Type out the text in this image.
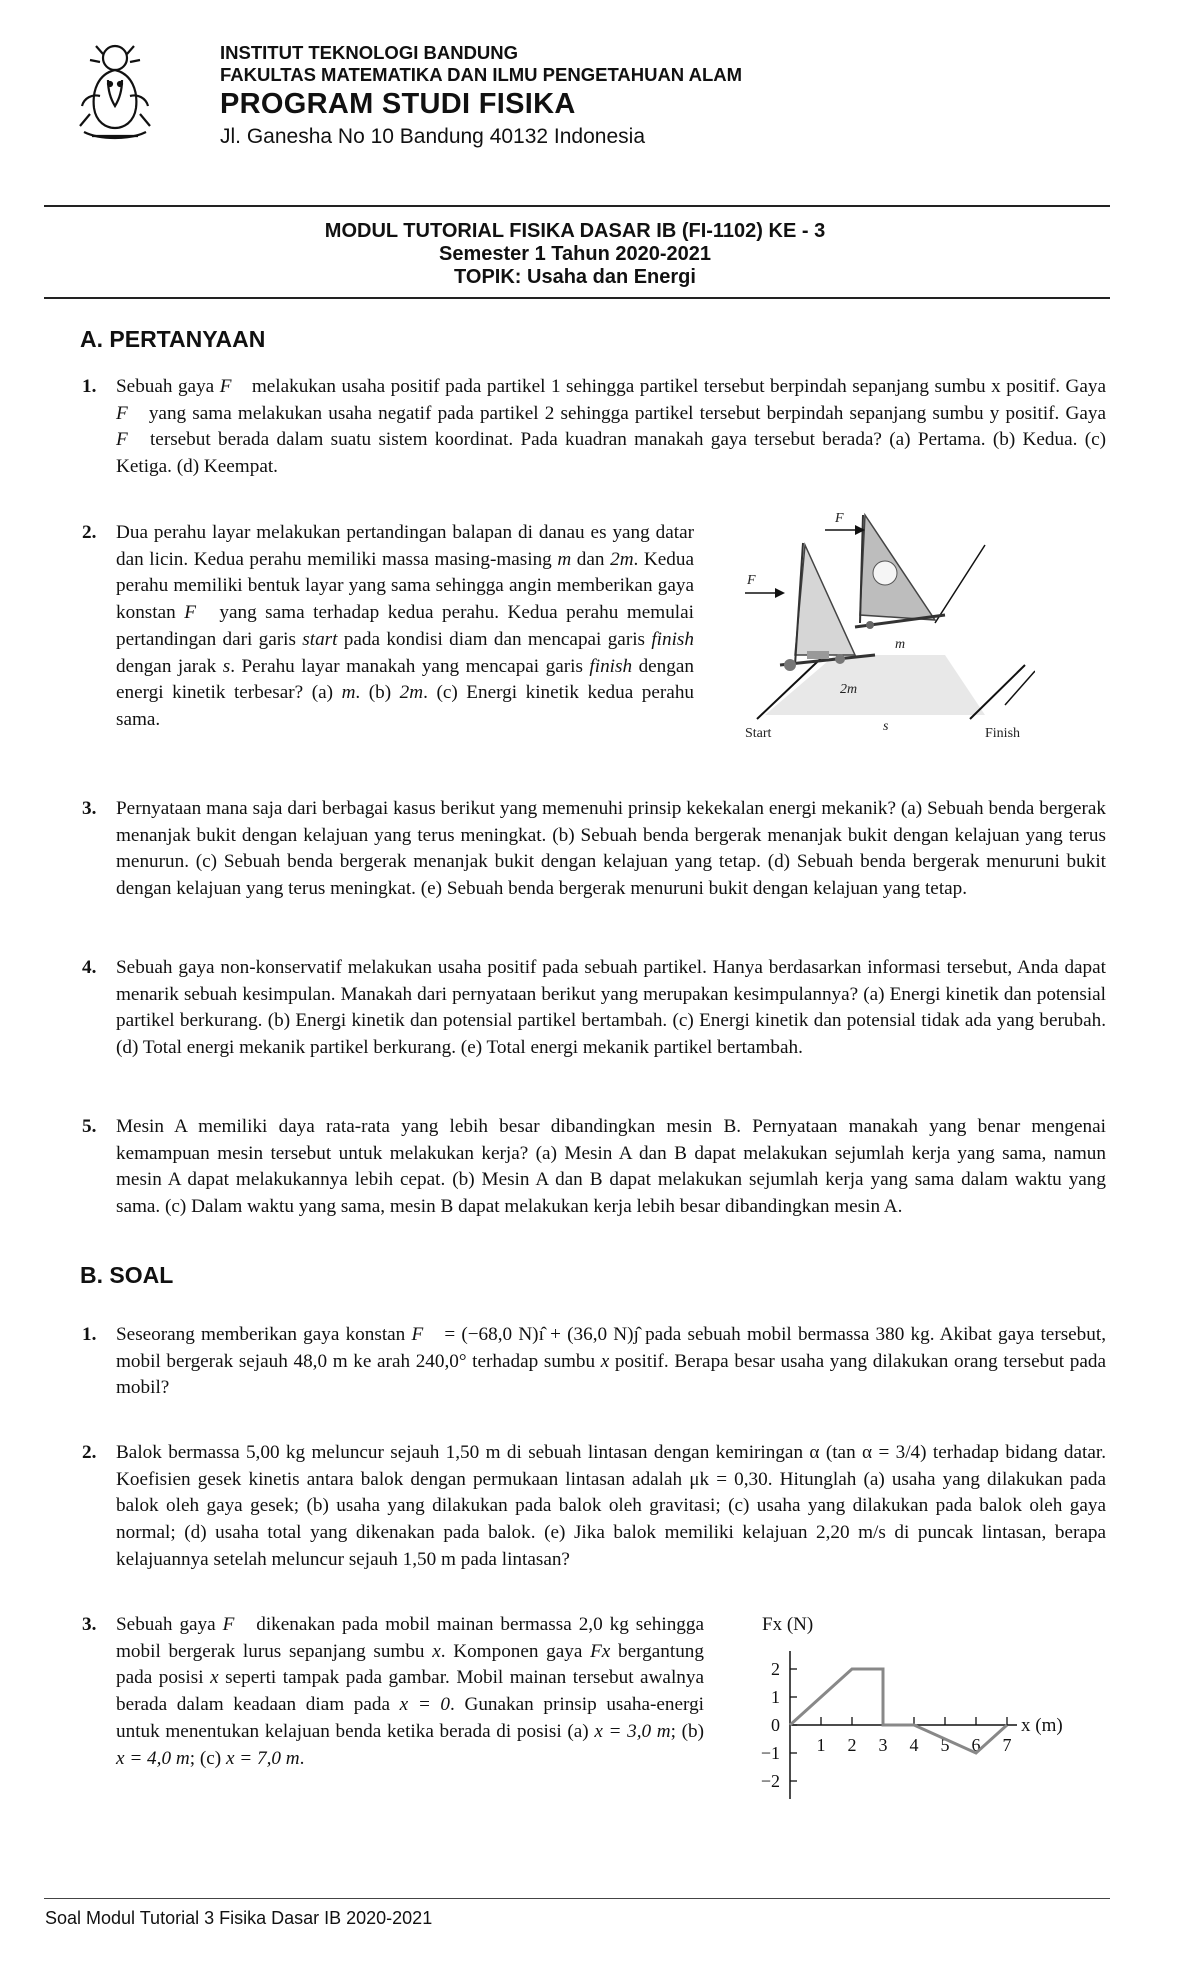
INSTITUT TEKNOLOGI BANDUNG
FAKULTAS MATEMATIKA DAN ILMU PENGETAHUAN ALAM
PROGRAM STUDI FISIKA
Jl. Ganesha No 10 Bandung 40132 Indonesia
MODUL TUTORIAL FISIKA DASAR IB (FI-1102) KE - 3
Semester 1 Tahun 2020-2021
TOPIK: Usaha dan Energi
A. PERTANYAAN
1. Sebuah gaya F⃗ melakukan usaha positif pada partikel 1 sehingga partikel tersebut berpindah sepanjang sumbu x positif. Gaya F⃗ yang sama melakukan usaha negatif pada partikel 2 sehingga partikel tersebut berpindah sepanjang sumbu y positif. Gaya F⃗ tersebut berada dalam suatu sistem koordinat. Pada kuadran manakah gaya tersebut berada? (a) Pertama. (b) Kedua. (c) Ketiga. (d) Keempat.
2. Dua perahu layar melakukan pertandingan balapan di danau es yang datar dan licin. Kedua perahu memiliki massa masing-masing m dan 2m. Kedua perahu memiliki bentuk layar yang sama sehingga angin memberikan gaya konstan F⃗ yang sama terhadap kedua perahu. Kedua perahu memulai pertandingan dari garis start pada kondisi diam dan mencapai garis finish dengan jarak s. Perahu layar manakah yang mencapai garis finish dengan energi kinetik terbesar? (a) m. (b) 2m. (c) Energi kinetik kedua perahu sama.
F
F
m
2m
Start	s	Finish
3. Pernyataan mana saja dari berbagai kasus berikut yang memenuhi prinsip kekekalan energi mekanik? (a) Sebuah benda bergerak menanjak bukit dengan kelajuan yang terus meningkat. (b) Sebuah benda bergerak menanjak bukit dengan kelajuan yang terus menurun. (c) Sebuah benda bergerak menanjak bukit dengan kelajuan yang tetap. (d) Sebuah benda bergerak menuruni bukit dengan kelajuan yang terus meningkat. (e) Sebuah benda bergerak menuruni bukit dengan kelajuan yang tetap.
4. Sebuah gaya non-konservatif melakukan usaha positif pada sebuah partikel. Hanya berdasarkan informasi tersebut, Anda dapat menarik sebuah kesimpulan. Manakah dari pernyataan berikut yang merupakan kesimpulannya? (a) Energi kinetik dan potensial partikel berkurang. (b) Energi kinetik dan potensial partikel bertambah. (c) Energi kinetik dan potensial tidak ada yang berubah. (d) Total energi mekanik partikel berkurang. (e) Total energi mekanik partikel bertambah.
5. Mesin A memiliki daya rata-rata yang lebih besar dibandingkan mesin B. Pernyataan manakah yang benar mengenai kemampuan mesin tersebut untuk melakukan kerja? (a) Mesin A dan B dapat melakukan sejumlah kerja yang sama, namun mesin A dapat melakukannya lebih cepat. (b) Mesin A dan B dapat melakukan sejumlah kerja yang sama dalam waktu yang sama. (c) Dalam waktu yang sama, mesin B dapat melakukan kerja lebih besar dibandingkan mesin A.
B. SOAL
1. Seseorang memberikan gaya konstan F⃗ = (−68,0 N)ı̂ + (36,0 N)ȷ̂ pada sebuah mobil bermassa 380 kg. Akibat gaya tersebut, mobil bergerak sejauh 48,0 m ke arah 240,0° terhadap sumbu x positif. Berapa besar usaha yang dilakukan orang tersebut pada mobil?
2. Balok bermassa 5,00 kg meluncur sejauh 1,50 m di sebuah lintasan dengan kemiringan α (tan α = 3/4) terhadap bidang datar. Koefisien gesek kinetis antara balok dengan permukaan lintasan adalah μk = 0,30. Hitunglah (a) usaha yang dilakukan pada balok oleh gaya gesek; (b) usaha yang dilakukan pada balok oleh gravitasi; (c) usaha yang dilakukan pada balok oleh gaya normal; (d) usaha total yang dikenakan pada balok. (e) Jika balok memiliki kelajuan 2,20 m/s di puncak lintasan, berapa kelajuannya setelah meluncur sejauh 1,50 m pada lintasan?
3. Sebuah gaya F⃗ dikenakan pada mobil mainan bermassa 2,0 kg sehingga mobil bergerak lurus sepanjang sumbu x. Komponen gaya Fx bergantung pada posisi x seperti tampak pada gambar. Mobil mainan tersebut awalnya berada dalam keadaan diam pada x = 0. Gunakan prinsip usaha-energi untuk menentukan kelajuan benda ketika berada di posisi (a) x = 3,0 m; (b) x = 4,0 m; (c) x = 7,0 m.
2
1
0
−1
−2
1 2 3 4 5 6 7
Fx (N)
x (m)
Soal Modul Tutorial 3 Fisika Dasar IB 2020-2021
